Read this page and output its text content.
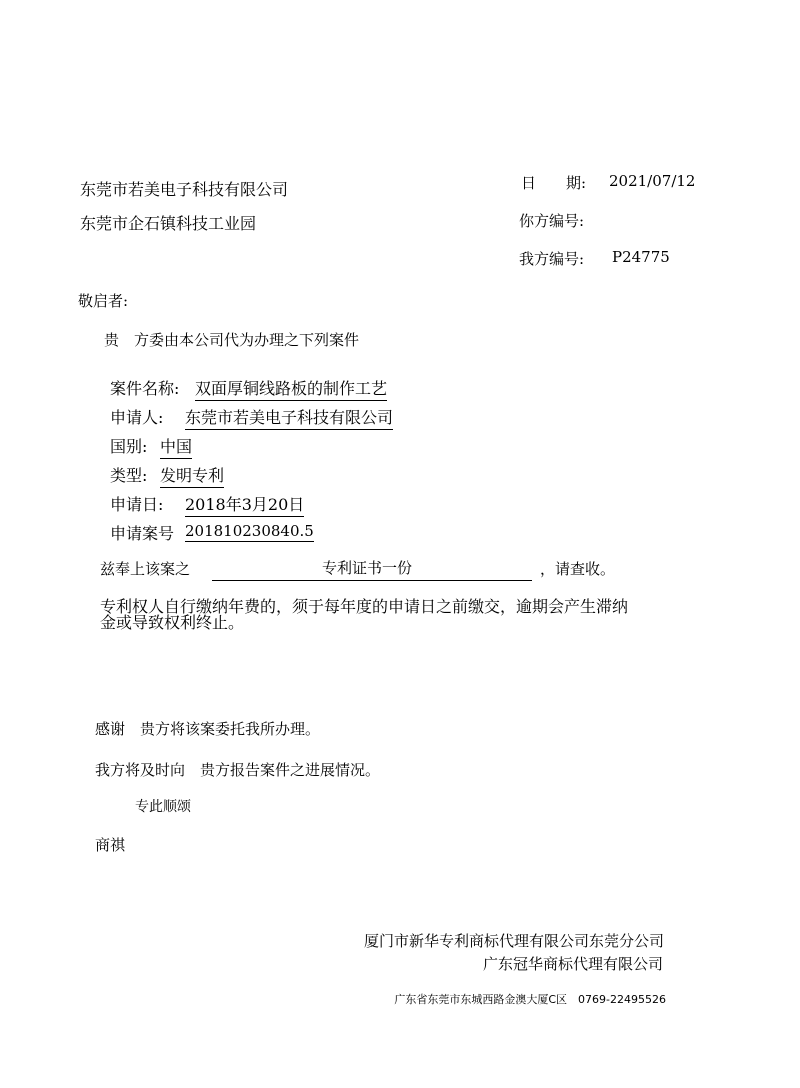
东莞市若美电子科技有限公司
东莞市企石镇科技工业园
日　　期: 2021/07/12
你方编号:
我方编号: P24775
敬启者:
贵　方委由本公司代为办理之下列案件
案件名称: 双面厚铜线路板的制作工艺
申请人: 东莞市若美电子科技有限公司
国别: 中国
类型: 发明专利
申请日: 2018年3月20日
申请案号 201810230840.5
兹奉上该案之	专利证书一份	，请查收。
专利权人自行缴纳年费的，须于每年度的申请日之前缴交，逾期会产生滞纳
金或导致权利终止。
感谢　贵方将该案委托我所办理。
我方将及时向　贵方报告案件之进展情况。
专此顺颂
商祺
厦门市新华专利商标代理有限公司东莞分公司
广东冠华商标代理有限公司
广东省东莞市东城西路金澳大厦C区　0769-22495526
